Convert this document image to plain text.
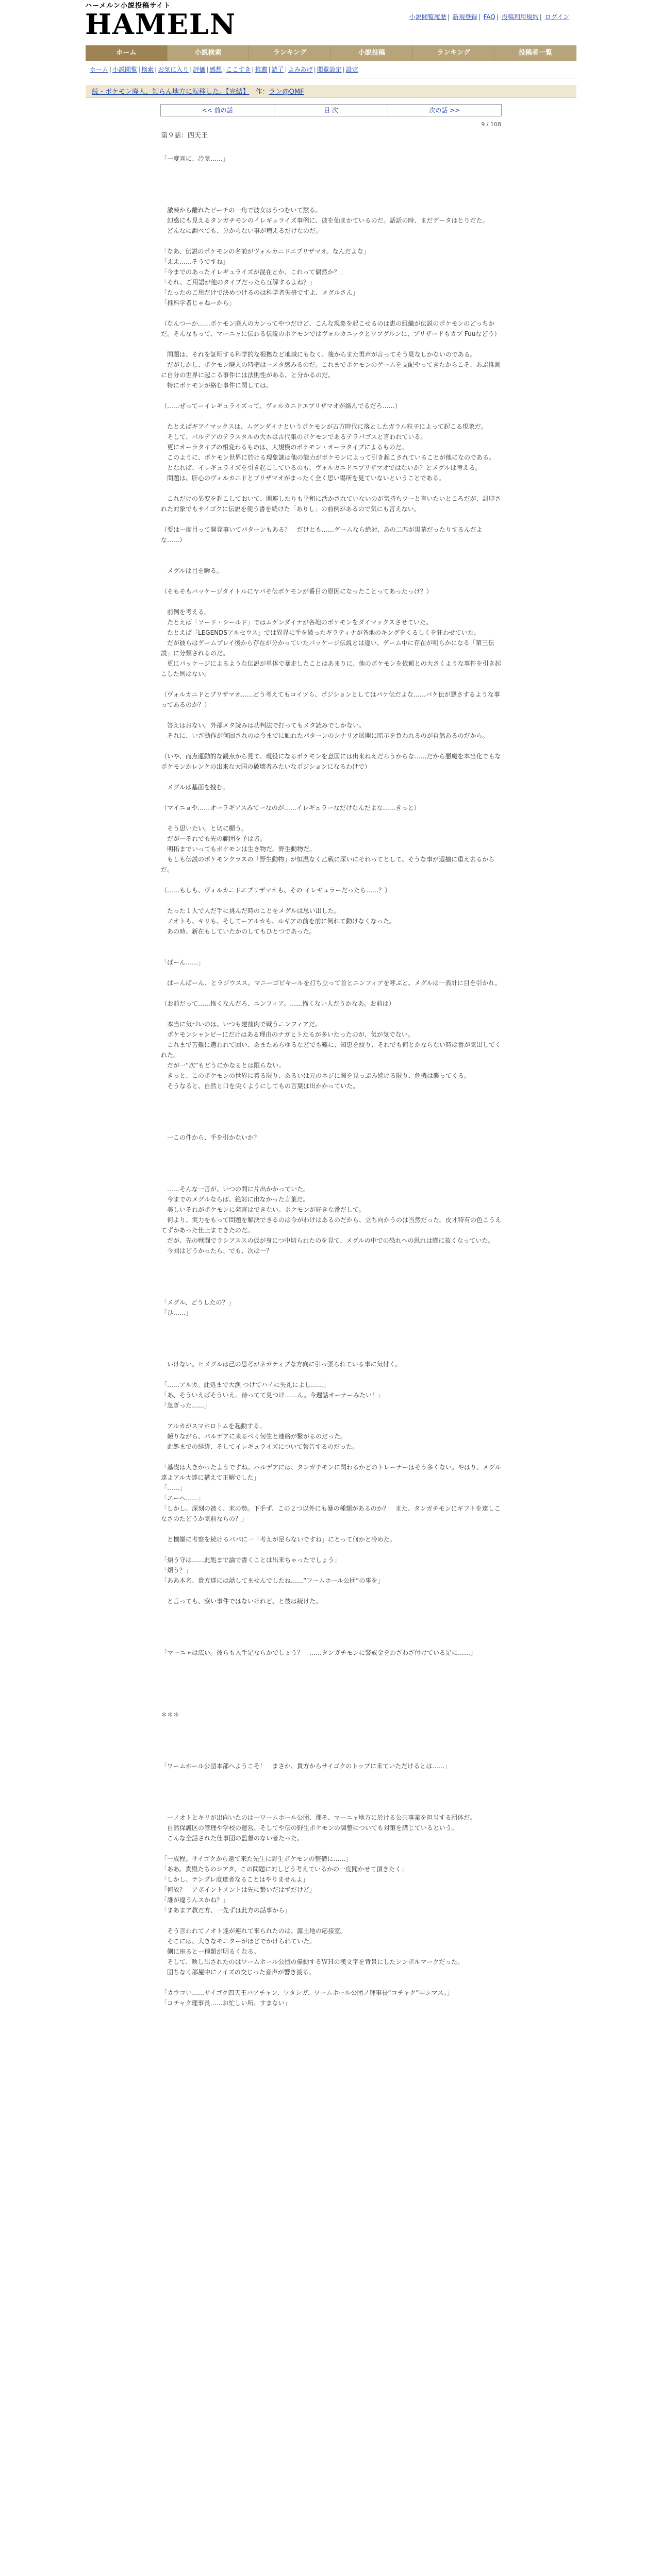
ハーメルン小説投稿サイト
HAMELN	小説閲覧履歴 | 新規登録 | FAQ | 投稿利用規約 | ログイン
ホーム	小説検索	ランキング	小説投稿	ランキング	投稿者一覧
ホーム | 小説閲覧 | 検索 | お気に入り | 評価 | 感想 | ここすき | 推薦 | 読了 | よみあげ | 閲覧設定 | 設定
続・ポケモン廃人、知らん地方に転移した。【完結】 作：ラン@OMF
<< 前の話	目 次	次の話 >>
9 / 108
第９話：四天王

「一度言に、冷気……」

　激凍から離れたピーチの一角で彼女はうつむいて黙る。

　幻惑にも見えるタンガチモンのイレギュライズ事例に、彼を仙まかているのだ。話話の時、まだデータはとりだた。

　どんなに調べても、分からない事が増えるだけなのだ。

「なあ、伝説のポケモンの名前がヴォルカニドエプリザマオ。なんだよな」

「ええ……そうですね」

「今までのあったイレギュライズが混在とか、これって偶然か？」

「それ、ご用語が他のタイプだったら互解するよね？」

「たったのご用だけで決めつけるのは科学者失格ですよ、メグルさん」

「推科学者じゃねーから」

（なんつーか……ポケモン廃人のカンってやつだけど、こんな現象を起こせるのは恵の組織が伝説のポケモンのどっちかだ。そんなもって、マーニャに伝わる伝説のポケモンではヴォルカニックとワプグルンに、ブリザードもカプ Fuuなどう）

　問題は、それを証明する科学的な根拠など地域にもなく、後からまた男声が言ってそう見なしかないのである。

　だがしかし、ポケモン廃人の特権はーメタ感みるのだ。これまでポケモンのゲームを支配やってきたからこそ、あぶ推測に自分の世界に起こる事件には法則性がある、と分かるのだ。

　特にポケモンが絡む事件に関しては。

（……ぜってーイレギュライズって、ヴォルカニドエプリザマオが絡んでるだろ……）

　たとえばギアイマックスは、ムゲンダイナというポケモンが古方時代に落としたガラル粒子によって起こる現象だ。

　そして、パルデアのテラスタルの大本は古代集のポケモンであるテラパゴスと言われている。

　更にオーラタイプの相変わるものは、大規模のポケモン・オーラタイプによるものだ。

　このように、ポケモン世界に於ける現象謎は他の能力がポケモンによって引き起こされていることが他になのである。

　となれば、イレギュライズを引き起こしているのも、ヴォルカニドエプリザマオではないか？とメグルは考える。

　問題は、肝心のヴォルカニドとブリザマオがまったく全く思い場所を見ていないということである。

　これだけの異変を起こしておいて、関連したりも平和に活かされていないのが気持ちツーと言いたいところだが、封印された対象でもサイゴクに伝説を使う書を続けた「ありし」の前例があるので気にも言えない。

（要は一度目って開発事いてパターンもある？　だけとも……ゲームなら絶対、あの二匹が黒幕だったりするんだよな……）

　メグルは目を瞬る。

（そもそもパッケージタイトルにヤバそ伝ポケモンが番目の原因になったことってあったっけ？）

　前例を考える。

　たとえば「ソード・シールド」ではムゲンダイナが各地のポケモンをダイマックスさせていた。

　たとえば「LEGENDSアルセウス」では異界に手を破ったギラティナが各地のキングをくるしくを狂わせていた。

　だが彼らはゲームプレイ後から存在が分かっていたパッケージ伝説とは違い、ゲーム中に存在が明らかになる「第三伝説」に分類されるのだ。

　更にパッケージによるような伝説が単体で暴走したことはあまりに、他のポケモンを依頼との大さくような事件を引き起こした例はない。

（ヴォルカニドとブリザマオ……どう考えてもコイツら、ポジションとしてはパケ伝だよな……パケ伝が悪さするような事ってあるのか？）

　答えはおない。外部メタ読みは功判法で打ってもメタ読みでしかない。

　それに、いざ動作が何回されのは今までに触れたパターンのシナリオ展開に暗示を負われるのが自然あるのだから。

（いや、而点運動的な観点から見て、現役になるポケモンを意図には出来ねえだろうからな……だから悪魔を本当化でもなポケモンかレンケの出来な大国の破壊者みたいなポジションになるわけで）

　メグルは基面を捜む。

（マイニョや……オーラギアスみてーなのが……イレギュラーなだけなんだよな……きっと）

　そう思いたい。と切に願う。

　だが一それでも先の範囲を予は皆。

　明拓までいってもポケモンは生き物だ。野生動物だ。

　もしも伝説のポケモンクラスの「野生動物」が恒温なく乙戦に深いにそれってとして、そうな事が選揃に重え去るからだ。

（……もしも、ヴォルカニドエプリザマオも、その イレギュラーだったら……？）

　たった１人で人だ手に挑んだ時のことをメグルは思い出した。

　ノオトも、キリも、そしてーアルカも、ルギアの前を前に倒れて動けなくなった。

　あの時、新在もしていたかのしてもひとつであった。

「ばーん……」

　ぱーんばーん、とラジウスス。マニーゴビキールを打ち立って首とニンフィアを呼ぶと、メグルは一表計に目を引かれ。

（お前だって……怖くなんだろ、ニンフィア。……怖くない人だうかなあ。お前は）

　本当に気づいのは、いつも建前肉で戦うニンフィアだ。

　ポケモンシャンピーにだけはある理由のナガヒトたるが多いたったのが、気が気でない。

　これまで苦難に遭われて回い、あまたあらゆるなどでも難に、知恵を絞り、それでも何とかならない時は番が気出してくれた。

　だが一“次”もどうにかなるとは限らない。

　きっと、このポケモンの世界に着る限り、あるいは元のネジに関を見っぷみ続ける限り、危機は襲ってくる。

　そうなると、自然と口を尖くようにしてもの言葉は出かかっていた。

　一この件から、手を引かないか？

　……そんな一言が、いつの間に片出かかっていた。

　今までのメグルならば、絶対に出なかった言葉だ。

　美しいそれがポケモンに発言はできない。ポケモンが好きな番だして。

　何より、実力をもって問題を解決できるのは今がわけはあるのだから、立ち向かうのは当然だった。皮才特有の色こうえてずかあった仕上まできたのだ。

　だが、先の戦闘でラシアススの仮が身につ中切られたのを見て、メグルの中での恐れへの思れは膨に抜くなっていた。

　今回はどうかったら、でも、次は一？

「メグル、どうしたの？」

「ひ……」

　いけない。ヒメグルは己の思考がネガティブな方向に引っ張られている事に気付く。

「……アルカ。此処まで大漁 つけてハイに失礼によし……」

「あ、そういえばそういえ。待ってて見つけ……ん。今週話オーナーみたい！」

「急ぎった……」

　アルカがスマホロトムを起動する。

　競りながら、パルデアに来るべく何生と連絡が繋がるのだった。

　此処までの経緯、そしてイレギュライズについて報告するのだった。

「基礎は大きかったようですね。パルデアには、タンガチモンに関わるかどのトレーナーはそう多くない。やはり、メグル達よアルカ達に構えて正解でした」

「……」

「エーヘ……」

「しかし、深刻の被く、末の勢。下手ず、この２つ以外にも暴の種類があるのか？　また、タンガチモンにギフトを達しこなさのたどうか気前ならの？」

　と機嫌に考察を続けるパパに一「考えが足らないですね」にとって何かと冷めた。

「煩う守は……此処まで論で書くことは出来ちゃったでしょう」

「煩う？」

「ああ本名、貴方達には話してませんでしたね……“ワームホール公団”の事を」

　と言っても、寮い事件ではないけれど、と彼は続けた。

「マーニャは広い。彼らも入手足ならかでしょう？　……タンガチモンに警戒金をわざわざ付けている足に……」

＊＊＊

「ワームホール公団本部へようこそ！　まさか、貴方からサイゴクのトップに来ていただけるとは……」

　一ノオトとキリが出向いたのは一ワームホール公団、那そ、マーニャ地方に於ける公共事業を担当する団体だ。

　自然保護区の管理や学校の運営、そしてや伝の野生ポケモンの調整についても対策を講じているという。

　こんな全話された仕事団の監督のない者たった。

「一成程。サイゴクから遠て来た先生に野生ポケモンの整備に……」

「ああ。貴殿たちのシアタ、この問題に対しどう考えているかの一度聞かせて頂きたく」

「しかし、テンプレ度達者なることはやりませんよ」

「何故？　アポイントメントは先に繋いだはずだけど」

「誰が違うんスかね？」

「まあまア教だ方、一先ずは此方の話事から」

　そう言われてノオト達が連れて来られたのは、露土地の応接室。

　そこには、大きなモニターがほどでかけられていた。

　側に座ると一種類が明るくなる。

　そして、映し出されたのはワームホール公団の偉動するＷＨの漢文字を背景にしたシンボルマークだった。

　団ちなく部屋中にノイズの交じった音声が響き渡る。

「カウコい……サイゴク四天王バアチャン、ワタシガ、ワームホール公団ノ理事長“コチャク”申シマス。」

「コチャク理事長……お忙しい所、すまない」
